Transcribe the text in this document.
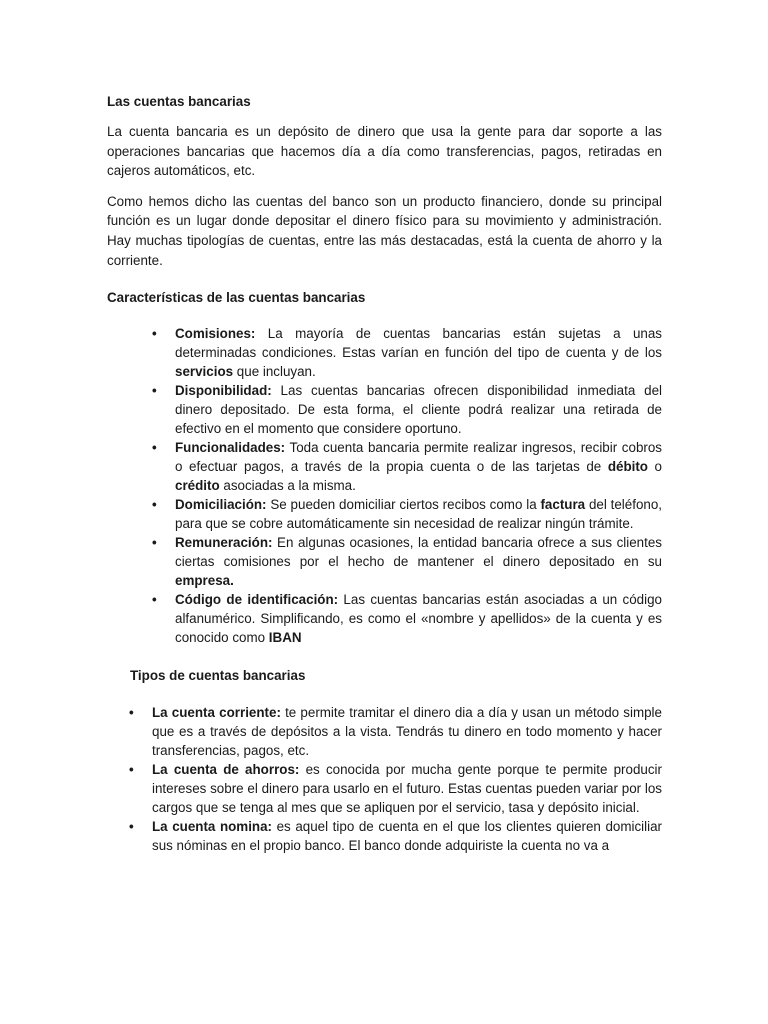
Las cuentas bancarias

La cuenta bancaria es un depósito de dinero que usa la gente para dar soporte a las operaciones bancarias que hacemos día a día como transferencias, pagos, retiradas en cajeros automáticos, etc.

Como hemos dicho las cuentas del banco son un producto financiero, donde su principal función es un lugar donde depositar el dinero físico para su movimiento y administración. Hay muchas tipologías de cuentas, entre las más destacadas, está la cuenta de ahorro y la corriente.

Características de las cuentas bancarias
• Comisiones: La mayoría de cuentas bancarias están sujetas a unas determinadas condiciones. Estas varían en función del tipo de cuenta y de los servicios que incluyan.
• Disponibilidad: Las cuentas bancarias ofrecen disponibilidad inmediata del dinero depositado. De esta forma, el cliente podrá realizar una retirada de efectivo en el momento que considere oportuno.
• Funcionalidades: Toda cuenta bancaria permite realizar ingresos, recibir cobros o efectuar pagos, a través de la propia cuenta o de las tarjetas de débito o crédito asociadas a la misma.
• Domiciliación: Se pueden domiciliar ciertos recibos como la factura del teléfono, para que se cobre automáticamente sin necesidad de realizar ningún trámite.
• Remuneración: En algunas ocasiones, la entidad bancaria ofrece a sus clientes ciertas comisiones por el hecho de mantener el dinero depositado en su empresa.
• Código de identificación: Las cuentas bancarias están asociadas a un código alfanumérico. Simplificando, es como el «nombre y apellidos» de la cuenta y es conocido como IBAN
Tipos de cuentas bancarias
• La cuenta corriente: te permite tramitar el dinero dia a día y usan un método simple que es a través de depósitos a la vista. Tendrás tu dinero en todo momento y hacer transferencias, pagos, etc.
• La cuenta de ahorros: es conocida por mucha gente porque te permite producir intereses sobre el dinero para usarlo en el futuro. Estas cuentas pueden variar por los cargos que se tenga al mes que se apliquen por el servicio, tasa y depósito inicial.
• La cuenta nomina: es aquel tipo de cuenta en el que los clientes quieren domiciliar sus nóminas en el propio banco. El banco donde adquiriste la cuenta no va a
